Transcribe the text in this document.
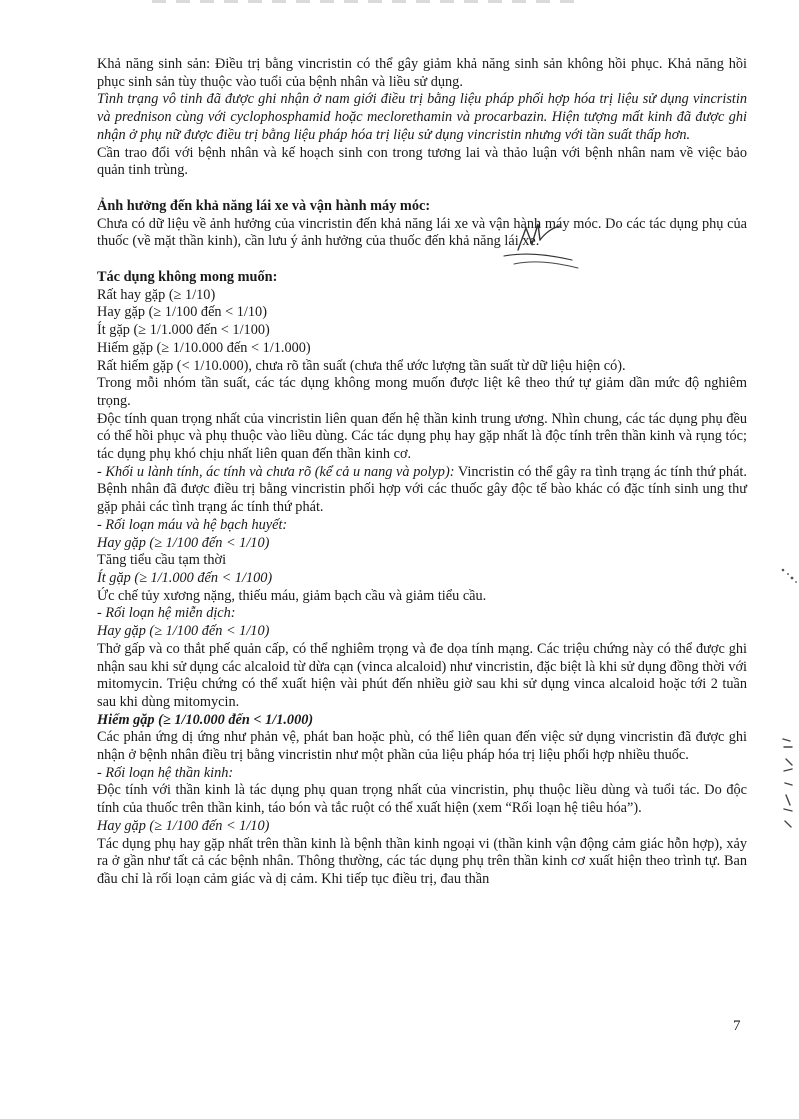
Khả năng sinh sản: Điều trị bằng vincristin có thể gây giảm khả năng sinh sản không hồi phục. Khả năng hồi phục sinh sản tùy thuộc vào tuổi của bệnh nhân và liều sử dụng.

Tình trạng vô tinh đã được ghi nhận ở nam giới điều trị bằng liệu pháp phối hợp hóa trị liệu sử dụng vincristin và prednison cùng với cyclophosphamid hoặc meclorethamin và procarbazin. Hiện tượng mất kinh đã được ghi nhận ở phụ nữ được điều trị bằng liệu pháp hóa trị liệu sử dụng vincristin nhưng với tần suất thấp hơn.

Cần trao đổi với bệnh nhân và kế hoạch sinh con trong tương lai và thảo luận với bệnh nhân nam về việc bảo quản tinh trùng.

Ảnh hưởng đến khả năng lái xe và vận hành máy móc:

Chưa có dữ liệu về ảnh hưởng của vincristin đến khả năng lái xe và vận hành máy móc. Do các tác dụng phụ của thuốc (về mặt thần kinh), cần lưu ý ảnh hưởng của thuốc đến khả năng lái xe.

Tác dụng không mong muốn:

Rất hay gặp (≥ 1/10)

Hay gặp (≥ 1/100 đến < 1/10)

Ít gặp (≥ 1/1.000 đến < 1/100)

Hiếm gặp (≥ 1/10.000 đến < 1/1.000)

Rất hiếm gặp (< 1/10.000), chưa rõ tần suất (chưa thể ước lượng tần suất từ dữ liệu hiện có).

Trong mỗi nhóm tần suất, các tác dụng không mong muốn được liệt kê theo thứ tự giảm dần mức độ nghiêm trọng.

Độc tính quan trọng nhất của vincristin liên quan đến hệ thần kinh trung ương. Nhìn chung, các tác dụng phụ đều có thể hồi phục và phụ thuộc vào liều dùng. Các tác dụng phụ hay gặp nhất là độc tính trên thần kinh và rụng tóc; tác dụng phụ khó chịu nhất liên quan đến thần kinh cơ.

- Khối u lành tính, ác tính và chưa rõ (kể cả u nang và polyp): Vincristin có thể gây ra tình trạng ác tính thứ phát. Bệnh nhân đã được điều trị bằng vincristin phối hợp với các thuốc gây độc tế bào khác có đặc tính sinh ung thư gặp phải các tình trạng ác tính thứ phát.

- Rối loạn máu và hệ bạch huyết:

Hay gặp (≥ 1/100 đến < 1/10)

Tăng tiểu cầu tạm thời

Ít gặp (≥ 1/1.000 đến < 1/100)

Ức chế tủy xương nặng, thiếu máu, giảm bạch cầu và giảm tiểu cầu.

- Rối loạn hệ miễn dịch:

Hay gặp (≥ 1/100 đến < 1/10)

Thở gấp và co thắt phế quản cấp, có thể nghiêm trọng và đe dọa tính mạng. Các triệu chứng này có thể được ghi nhận sau khi sử dụng các alcaloid từ dừa cạn (vinca alcaloid) như vincristin, đặc biệt là khi sử dụng đồng thời với mitomycin. Triệu chứng có thể xuất hiện vài phút đến nhiều giờ sau khi sử dụng vinca alcaloid hoặc tới 2 tuần sau khi dùng mitomycin.

Hiếm gặp (≥ 1/10.000 đến < 1/1.000)

Các phản ứng dị ứng như phản vệ, phát ban hoặc phù, có thể liên quan đến việc sử dụng vincristin đã được ghi nhận ở bệnh nhân điều trị bằng vincristin như một phần của liệu pháp hóa trị liệu phối hợp nhiều thuốc.

- Rối loạn hệ thần kinh:

Độc tính với thần kinh là tác dụng phụ quan trọng nhất của vincristin, phụ thuộc liều dùng và tuổi tác. Do độc tính của thuốc trên thần kinh, táo bón và tắc ruột có thể xuất hiện (xem “Rối loạn hệ tiêu hóa”).

Hay gặp (≥ 1/100 đến < 1/10)

Tác dụng phụ hay gặp nhất trên thần kinh là bệnh thần kinh ngoại vi (thần kinh vận động cảm giác hỗn hợp), xảy ra ở gần như tất cả các bệnh nhân. Thông thường, các tác dụng phụ trên thần kinh cơ xuất hiện theo trình tự. Ban đầu chỉ là rối loạn cảm giác và dị cảm. Khi tiếp tục điều trị, đau thần

7
